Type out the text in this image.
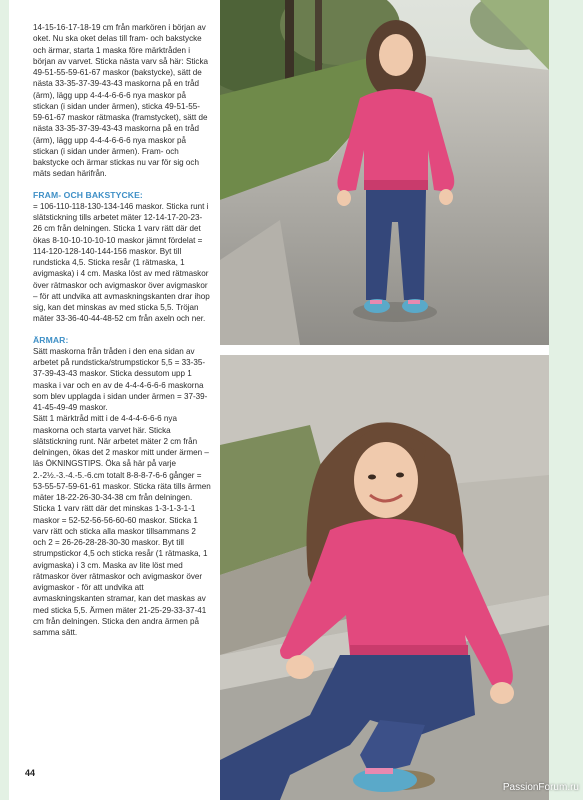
14-15-16-17-18-19 cm från markören i början av oket. Nu ska oket delas till fram- och bakstycke och ärmar, starta 1 maska före märktråden i början av varvet. Sticka nästa varv så här: Sticka 49-51-55-59-61-67 maskor (bakstycke), sätt de nästa 33-35-37-39-43-43 maskorna på en tråd (ärm), lägg upp 4-4-4-6-6-6 nya maskor på stickan (i sidan under ärmen), sticka 49-51-55-59-61-67 maskor rätmaska (framstycket), sätt de nästa 33-35-37-39-43-43 maskorna på en tråd (ärm), lägg upp 4-4-4-6-6-6 nya maskor på stickan (i sidan under ärmen). Fram- och bakstycke och ärmar stickas nu var för sig och mäts sedan härifrån.

FRAM- OCH BAKSTYCKE:

= 106-110-118-130-134-146 maskor. Sticka runt i slätstickning tills arbetet mäter 12-14-17-20-23-26 cm från delningen. Sticka 1 varv rätt där det ökas 8-10-10-10-10-10 maskor jämnt fördelat = 114-120-128-140-144-156 maskor. Byt till rundsticka 4,5. Sticka resår (1 rätmaska, 1 avigmaska) i 4 cm. Maska löst av med rätmaskor över rätmaskor och avigmaskor över avigmaskor – för att undvika att avmaskningskanten drar ihop sig, kan det minskas av med sticka 5,5. Tröjan mäter 33-36-40-44-48-52 cm från axeln och ner.

ÄRMAR:

Sätt maskorna från tråden i den ena sidan av arbetet på rundsticka/strumpstickor 5,5 = 33-35-37-39-43-43 maskor. Sticka dessutom upp 1 maska i var och en av de 4-4-4-6-6-6 maskorna som blev upplagda i sidan under ärmen = 37-39-41-45-49-49 maskor.

Sätt 1 märktråd mitt i de 4-4-4-6-6-6 nya maskorna och starta varvet här. Sticka slätstickning runt. När arbetet mäter 2 cm från delningen, ökas det 2 maskor mitt under ärmen – läs ÖKNINGSTIPS. Öka så här på varje 2.-2½.-3.-4.-5.-6.cm totalt 8-8-8-7-6-6 gånger = 53-55-57-59-61-61 maskor. Sticka räta tills ärmen mäter 18-22-26-30-34-38 cm från delningen. Sticka 1 varv rätt där det minskas 1-3-1-3-1-1 maskor = 52-52-56-56-60-60 maskor. Sticka 1 varv rätt och sticka alla maskor tillsammans 2 och 2 = 26-26-28-28-30-30 maskor. Byt till strumpstickor 4,5 och sticka resår (1 rätmaska, 1 avigmaska) i 3 cm. Maska av lite löst med rätmaskor över rätmaskor och avigmaskor över avigmaskor - för att undvika att avmaskningskanten stramar, kan det maskas av med sticka 5,5. Ärmen mäter 21-25-29-33-37-41 cm från delningen. Sticka den andra ärmen på samma sätt.

44
PassionForum.ru
